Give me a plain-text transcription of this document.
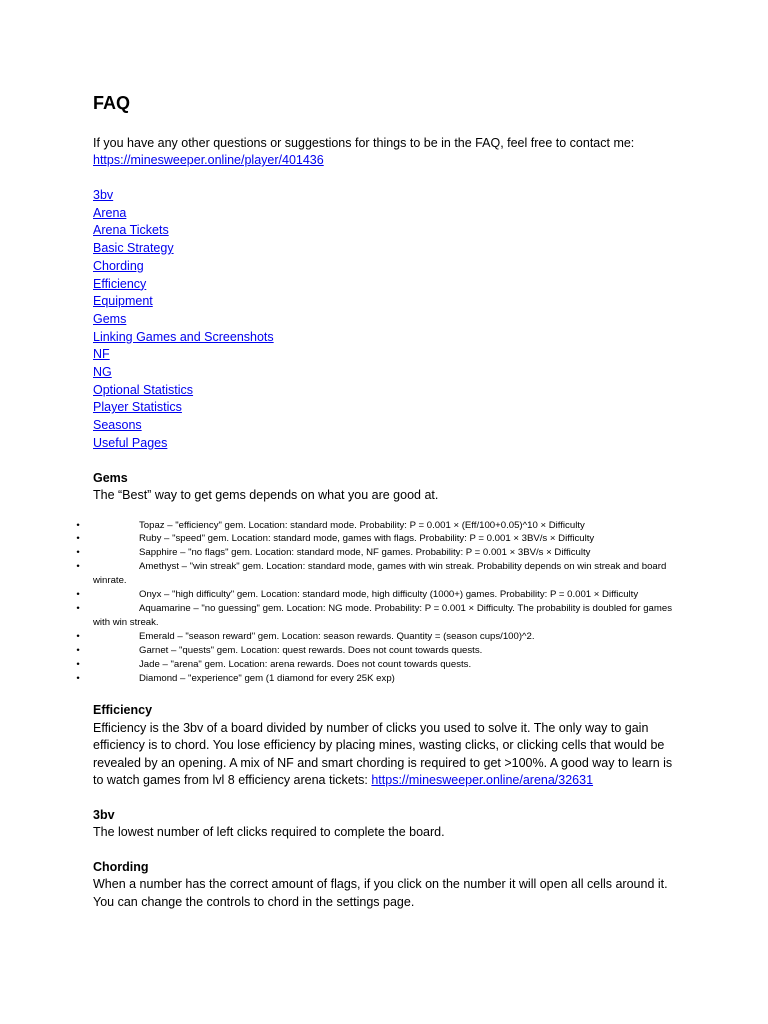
FAQ
If you have any other questions or suggestions for things to be in the FAQ, feel free to contact me:
https://minesweeper.online/player/401436
3bv
Arena
Arena Tickets
Basic Strategy
Chording
Efficiency
Equipment
Gems
Linking Games and Screenshots
NF
NG
Optional Statistics
Player Statistics
Seasons
Useful Pages
Gems

The “Best” way to get gems depends on what you are good at.

•	Topaz – "efficiency" gem. Location: standard mode. Probability: P = 0.001 × (Eff/100+0.05)^10 × Difficulty
•	Ruby – "speed" gem. Location: standard mode, games with flags. Probability: P = 0.001 × 3BV/s × Difficulty
•	Sapphire – "no flags" gem. Location: standard mode, NF games. Probability: P = 0.001 × 3BV/s × Difficulty
•	Amethyst – "win streak" gem. Location: standard mode, games with win streak. Probability depends on win streak and board winrate.
•	Onyx – "high difficulty" gem. Location: standard mode, high difficulty (1000+) games. Probability: P = 0.001 × Difficulty
•	Aquamarine – "no guessing" gem. Location: NG mode. Probability: P = 0.001 × Difficulty. The probability is doubled for games with win streak.
•	Emerald – "season reward" gem. Location: season rewards. Quantity = (season cups/100)^2.
•	Garnet – "quests" gem. Location: quest rewards. Does not count towards quests.
•	Jade – "arena" gem. Location: arena rewards. Does not count towards quests.
•	Diamond – "experience" gem (1 diamond for every 25K exp)
Efficiency

Efficiency is the 3bv of a board divided by number of clicks you used to solve it. The only way to gain efficiency is to chord. You lose efficiency by placing mines, wasting clicks, or clicking cells that would be revealed by an opening. A mix of NF and smart chording is required to get >100%. A good way to learn is to watch games from lvl 8 efficiency arena tickets: https://minesweeper.online/arena/32631

3bv

The lowest number of left clicks required to complete the board.

Chording

When a number has the correct amount of flags, if you click on the number it will open all cells around it. You can change the controls to chord in the settings page.
